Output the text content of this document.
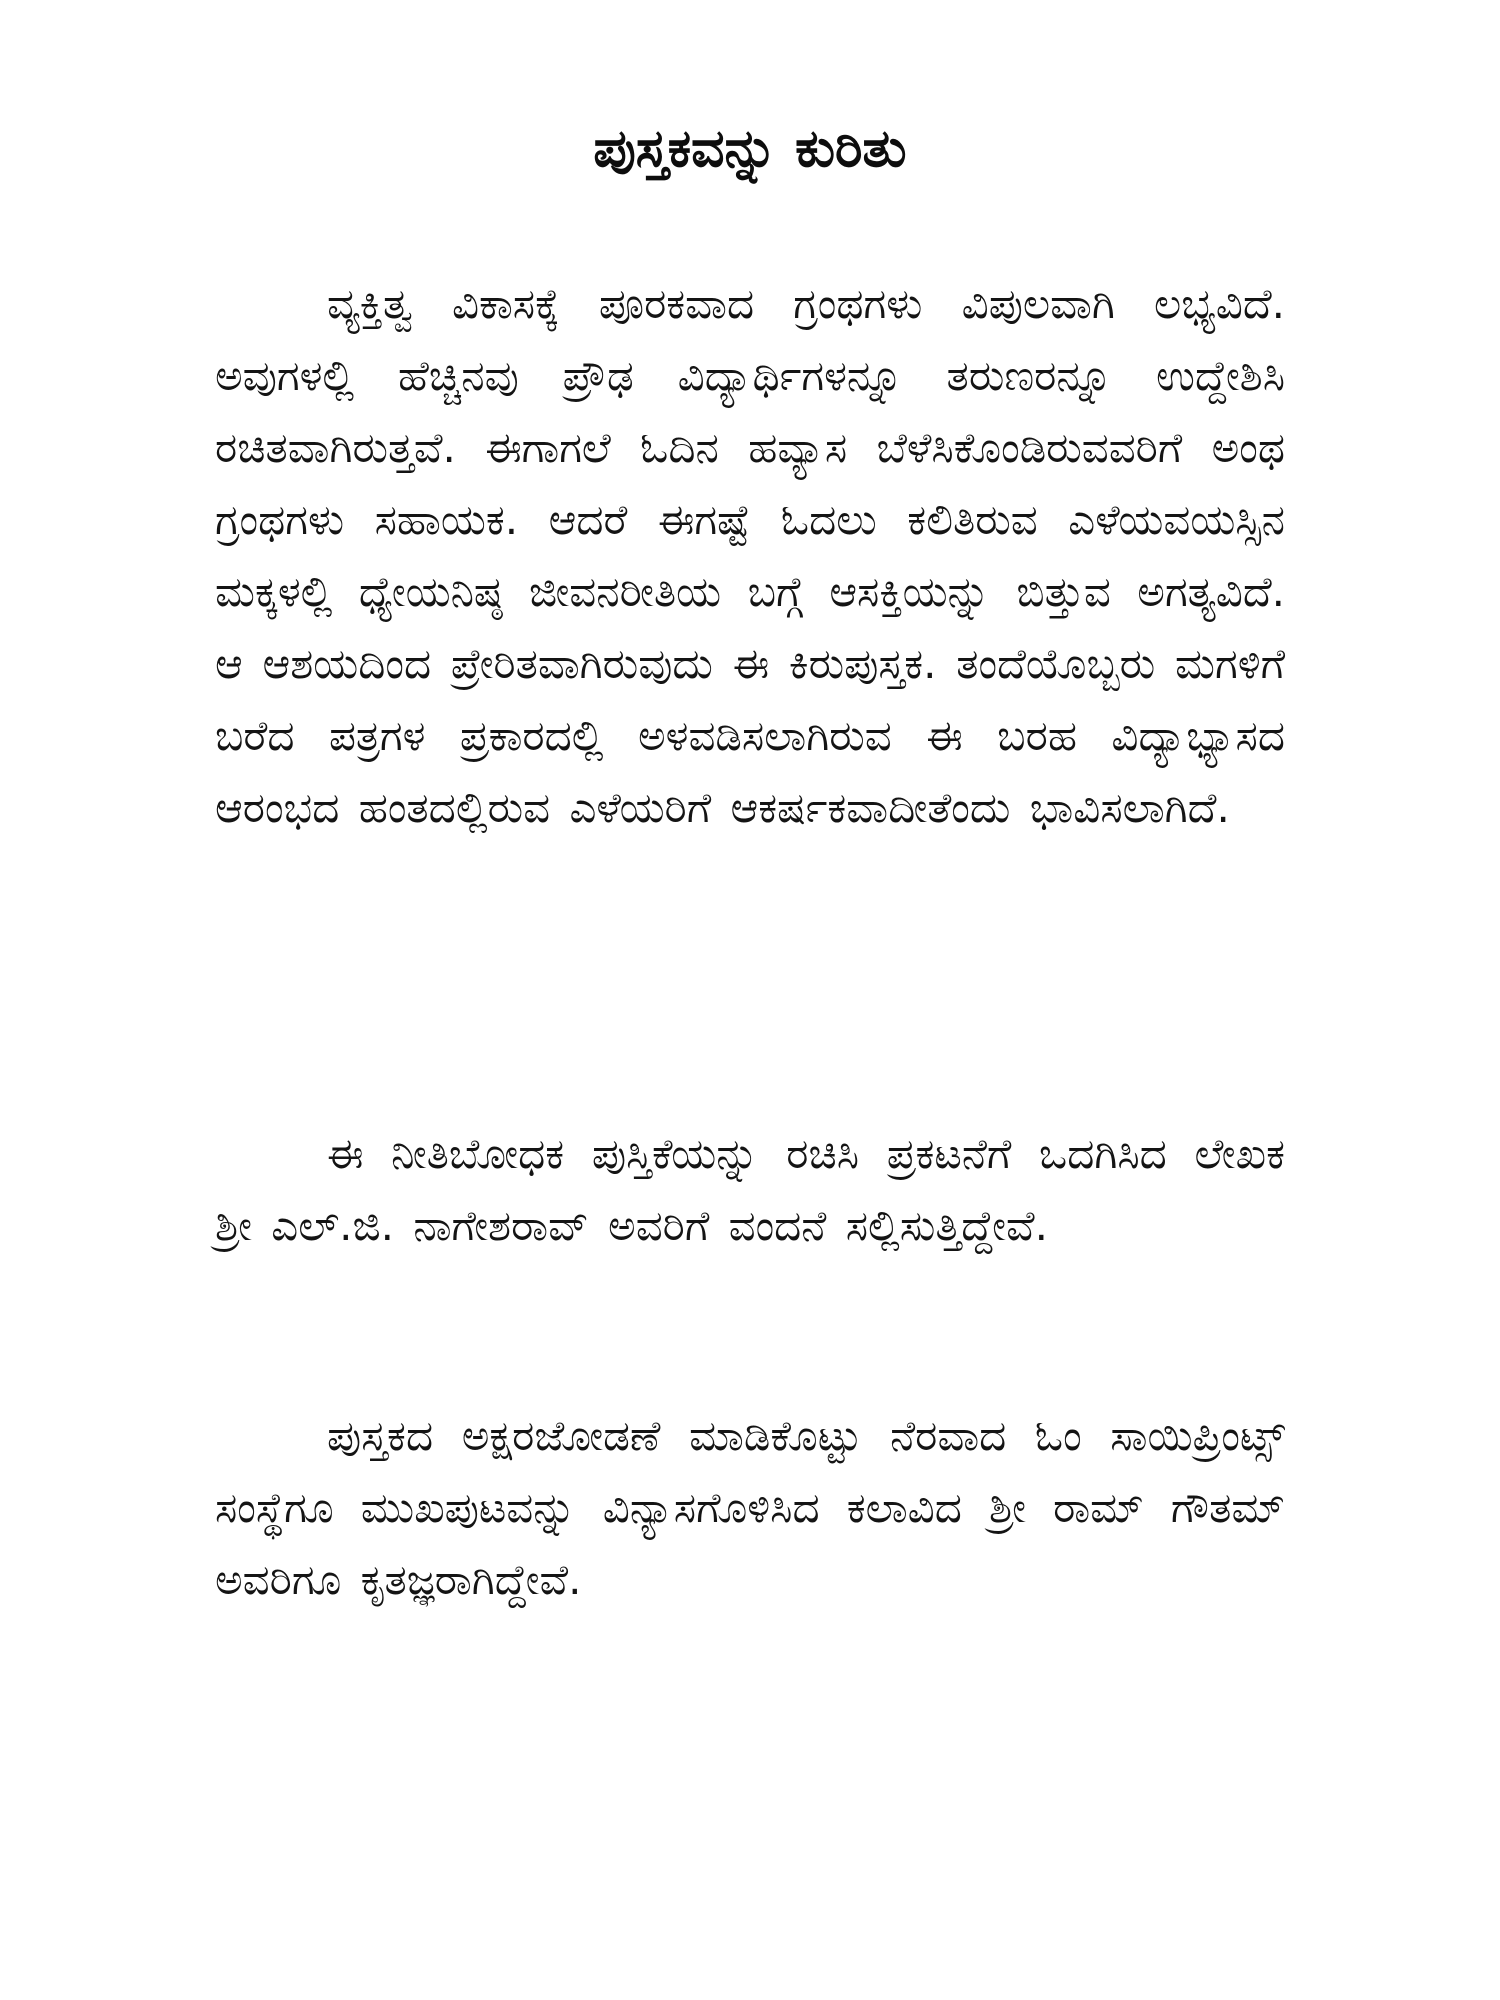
ಪುಸ್ತಕವನ್ನು ಕುರಿತು

ವ್ಯಕ್ತಿತ್ವ ವಿಕಾಸಕ್ಕೆ ಪೂರಕವಾದ ಗ್ರಂಥಗಳು ವಿಪುಲವಾಗಿ ಲಭ್ಯವಿದೆ. ಅವುಗಳಲ್ಲಿ ಹೆಚ್ಚಿನವು ಪ್ರೌಢ ವಿದ್ಯಾರ್ಥಿಗಳನ್ನೂ ತರುಣರನ್ನೂ ಉದ್ದೇಶಿಸಿ ರಚಿತವಾಗಿರುತ್ತವೆ. ಈಗಾಗಲೆ ಓದಿನ ಹವ್ಯಾಸ ಬೆಳೆಸಿಕೊಂಡಿರುವವರಿಗೆ ಅಂಥ ಗ್ರಂಥಗಳು ಸಹಾಯಕ. ಆದರೆ ಈಗಷ್ಟೆ ಓದಲು ಕಲಿತಿರುವ ಎಳೆಯವಯಸ್ಸಿನ ಮಕ್ಕಳಲ್ಲಿ ಧ್ಯೇಯನಿಷ್ಠ ಜೀವನರೀತಿಯ ಬಗ್ಗೆ ಆಸಕ್ತಿಯನ್ನು ಬಿತ್ತುವ ಅಗತ್ಯವಿದೆ. ಆ ಆಶಯದಿಂದ ಪ್ರೇರಿತವಾಗಿರುವುದು ಈ ಕಿರುಪುಸ್ತಕ. ತಂದೆಯೊಬ್ಬರು ಮಗಳಿಗೆ ಬರೆದ ಪತ್ರಗಳ ಪ್ರಕಾರದಲ್ಲಿ ಅಳವಡಿಸಲಾಗಿರುವ ಈ ಬರಹ ವಿದ್ಯಾಭ್ಯಾಸದ ಆರಂಭದ ಹಂತದಲ್ಲಿರುವ ಎಳೆಯರಿಗೆ ಆಕರ್ಷಕವಾದೀತೆಂದು ಭಾವಿಸಲಾಗಿದೆ.

ಈ ನೀತಿಬೋಧಕ ಪುಸ್ತಿಕೆಯನ್ನು ರಚಿಸಿ ಪ್ರಕಟನೆಗೆ ಒದಗಿಸಿದ ಲೇಖಕ ಶ್ರೀ ಎಲ್.ಜಿ. ನಾಗೇಶರಾವ್ ಅವರಿಗೆ ವಂದನೆ ಸಲ್ಲಿಸುತ್ತಿದ್ದೇವೆ.

ಪುಸ್ತಕದ ಅಕ್ಷರಜೋಡಣೆ ಮಾಡಿಕೊಟ್ಟು ನೆರವಾದ ಓಂ ಸಾಯಿಪ್ರಿಂಟ್ಸ್ ಸಂಸ್ಥೆಗೂ ಮುಖಪುಟವನ್ನು ವಿನ್ಯಾಸಗೊಳಿಸಿದ ಕಲಾವಿದ ಶ್ರೀ ರಾಮ್ ಗೌತಮ್ ಅವರಿಗೂ ಕೃತಜ್ಞರಾಗಿದ್ದೇವೆ.
